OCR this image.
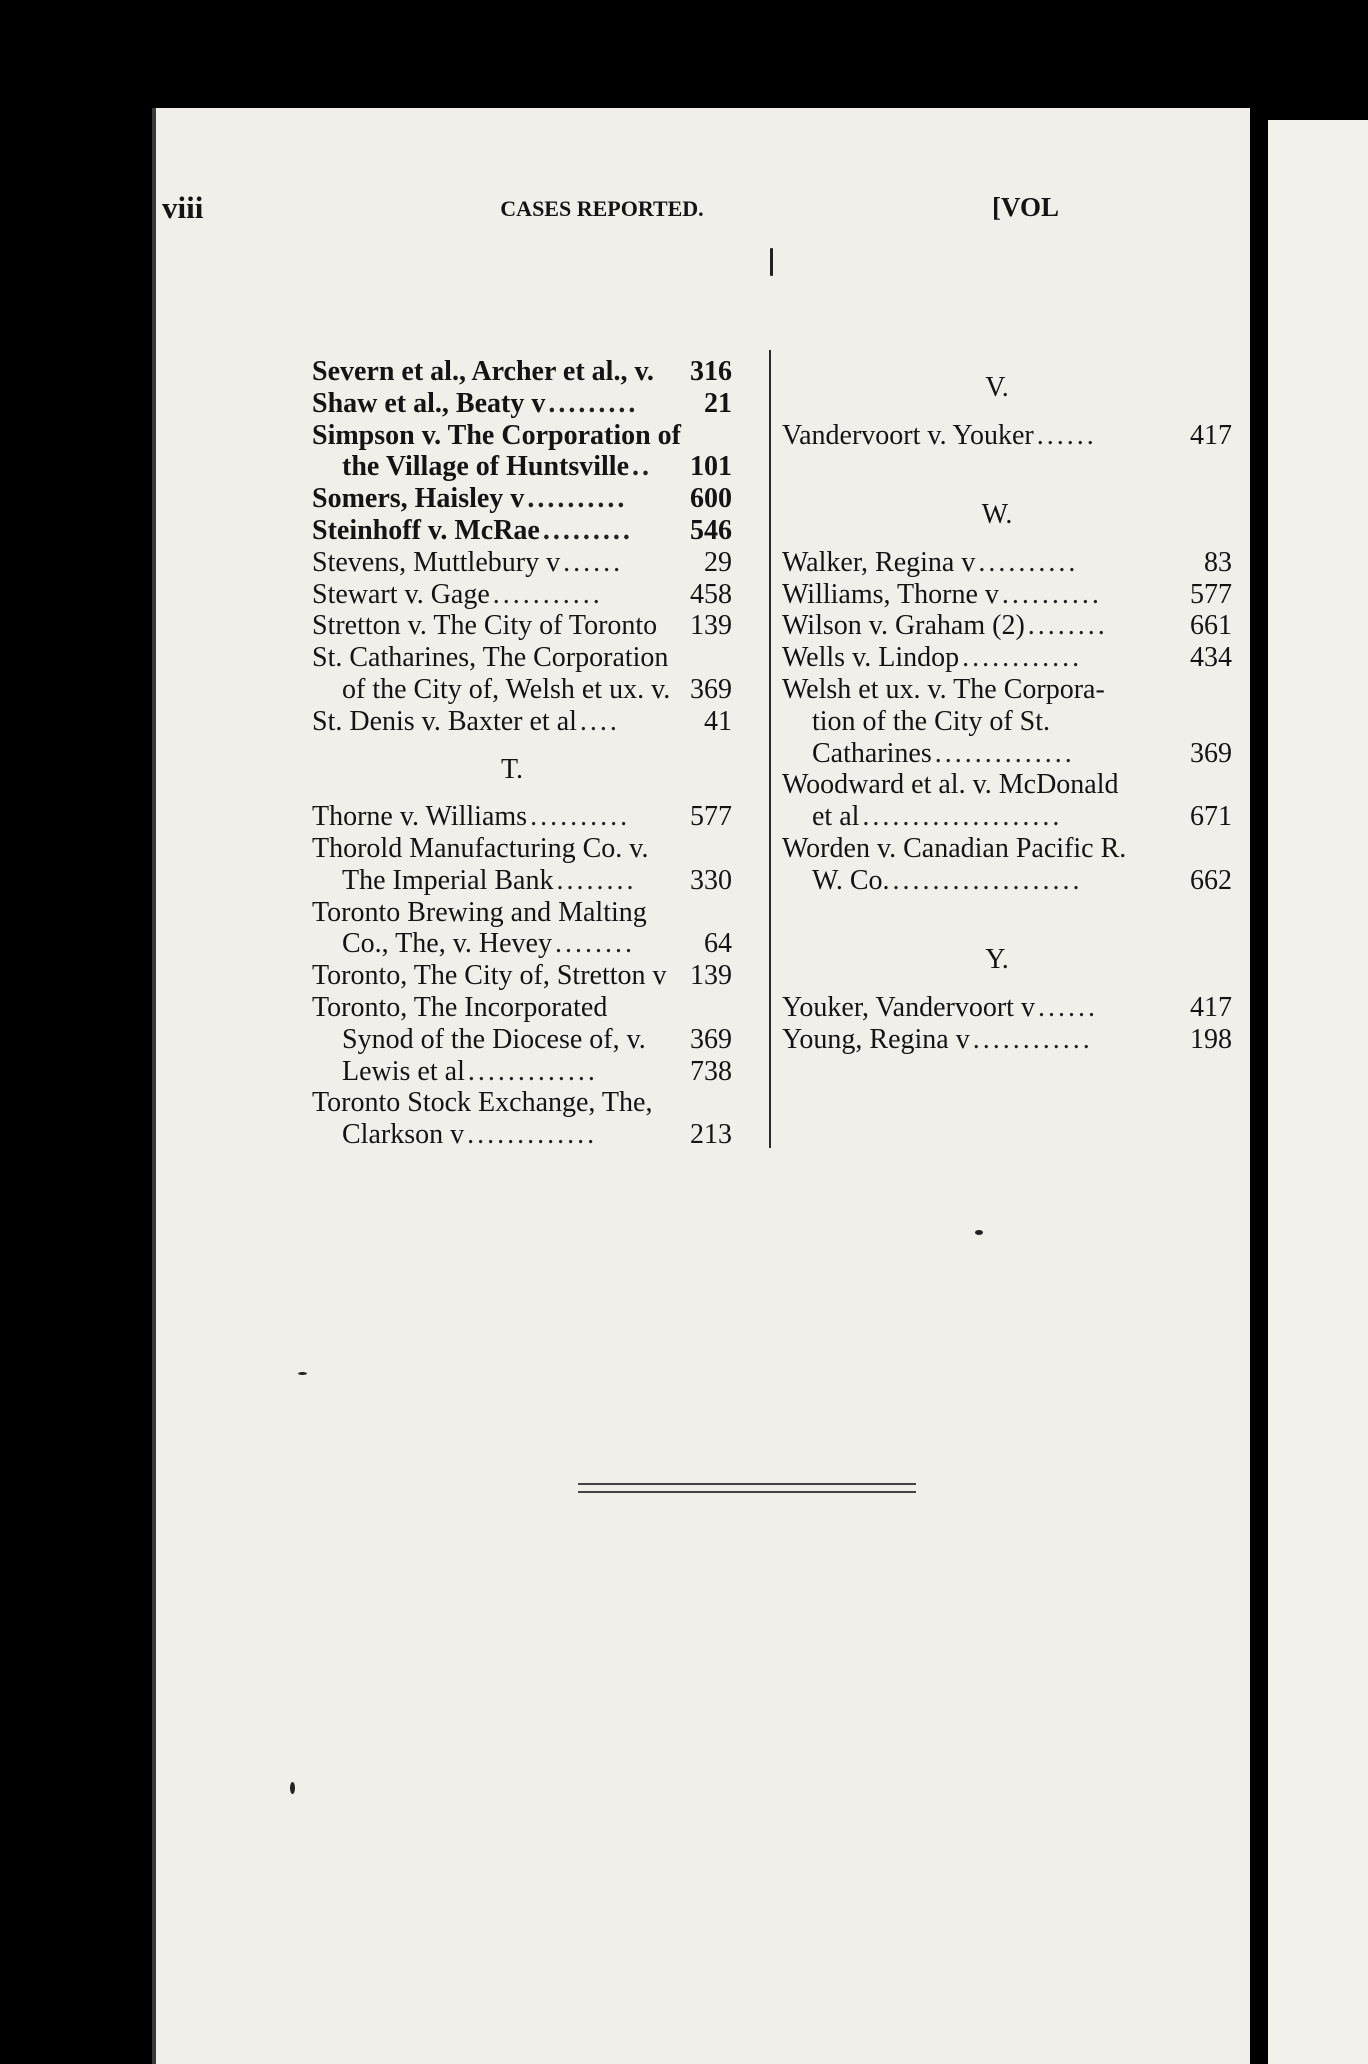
viii	CASES REPORTED.	[VOL
Severn et al., Archer et al., v. 316
Shaw et al., Beaty v .........	21
Simpson v. The Corporation of
the Village of Huntsville ..	101
Somers, Haisley v ..........	600
Steinhoff v. McRae .........	546
Stevens, Muttlebury v ......	29
Stewart v. Gage ...........	458
Stretton v. The City of Toronto 139
St. Catharines, The Corporation
of the City of, Welsh et ux. v. 369
St. Denis v. Baxter et al ....	41
T.
Thorne v. Williams ..........	577
Thorold Manufacturing Co. v.
The Imperial Bank ........	330
Toronto Brewing and Malting
Co., The, v. Hevey ........	64
Toronto, The City of, Stretton v 139
Toronto, The Incorporated
Synod of the Diocese of, v. 369
Lewis et al .............	738
Toronto Stock Exchange, The,
Clarkson v .............	213
V.
Vandervoort v. Youker ......	417
W.
Walker, Regina v ..........	83
Williams, Thorne v ..........	577
Wilson v. Graham (2) ........	661
Wells v. Lindop ............	434
Welsh et ux. v. The Corpora-
tion of the City of St.
Catharines ..............	369
Woodward et al. v. McDonald
et al ....................	671
Worden v. Canadian Pacific R.
W. Co. ...................	662
Y.
Youker, Vandervoort v ......	417
Young, Regina v ............	198
